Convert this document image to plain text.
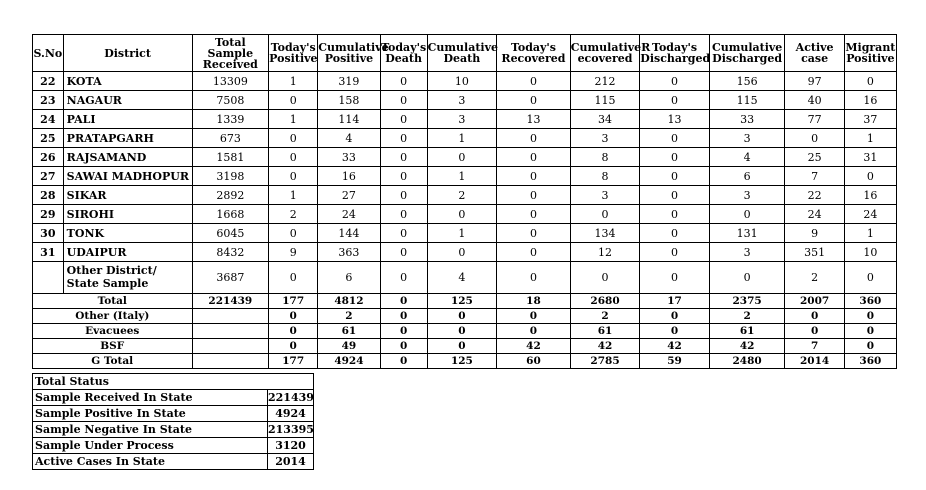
S.No	District	Total Sample Received	Today's Positive	Cumulative Positive	Today's Death	Cumulative Death	Today's Recovered	CumulativeR ecovered	Today's Discharged	Cumulative Discharged	Active case	Migrant Positive
22	KOTA	13309	1	319	0	10	0	212	0	156	97	0
23	NAGAUR	7508	0	158	0	3	0	115	0	115	40	16
24	PALI	1339	1	114	0	3	13	34	13	33	77	37
25	PRATAPGARH	673	0	4	0	1	0	3	0	3	0	1
26	RAJSAMAND	1581	0	33	0	0	0	8	0	4	25	31
27	SAWAI MADHOPUR	3198	0	16	0	1	0	8	0	6	7	0
28	SIKAR	2892	1	27	0	2	0	3	0	3	22	16
29	SIROHI	1668	2	24	0	0	0	0	0	0	24	24
30	TONK	6045	0	144	0	1	0	134	0	131	9	1
31	UDAIPUR	8432	9	363	0	0	0	12	0	3	351	10
	Other District/ State Sample	3687	0	6	0	4	0	0	0	0	2	0
Total		221439	177	4812	0	125	18	2680	17	2375	2007	360
Other (Italy)			0	2	0	0	0	2	0	2	0	0
Evacuees			0	61	0	0	0	61	0	61	0	0
BSF			0	49	0	0	42	42	42	42	7	0
G Total			177	4924	0	125	60	2785	59	2480	2014	360
Total Status	
Sample Received In State	221439
Sample Positive In State	4924
Sample Negative In State	213395
Sample Under Process	3120
Active Cases In State	2014
